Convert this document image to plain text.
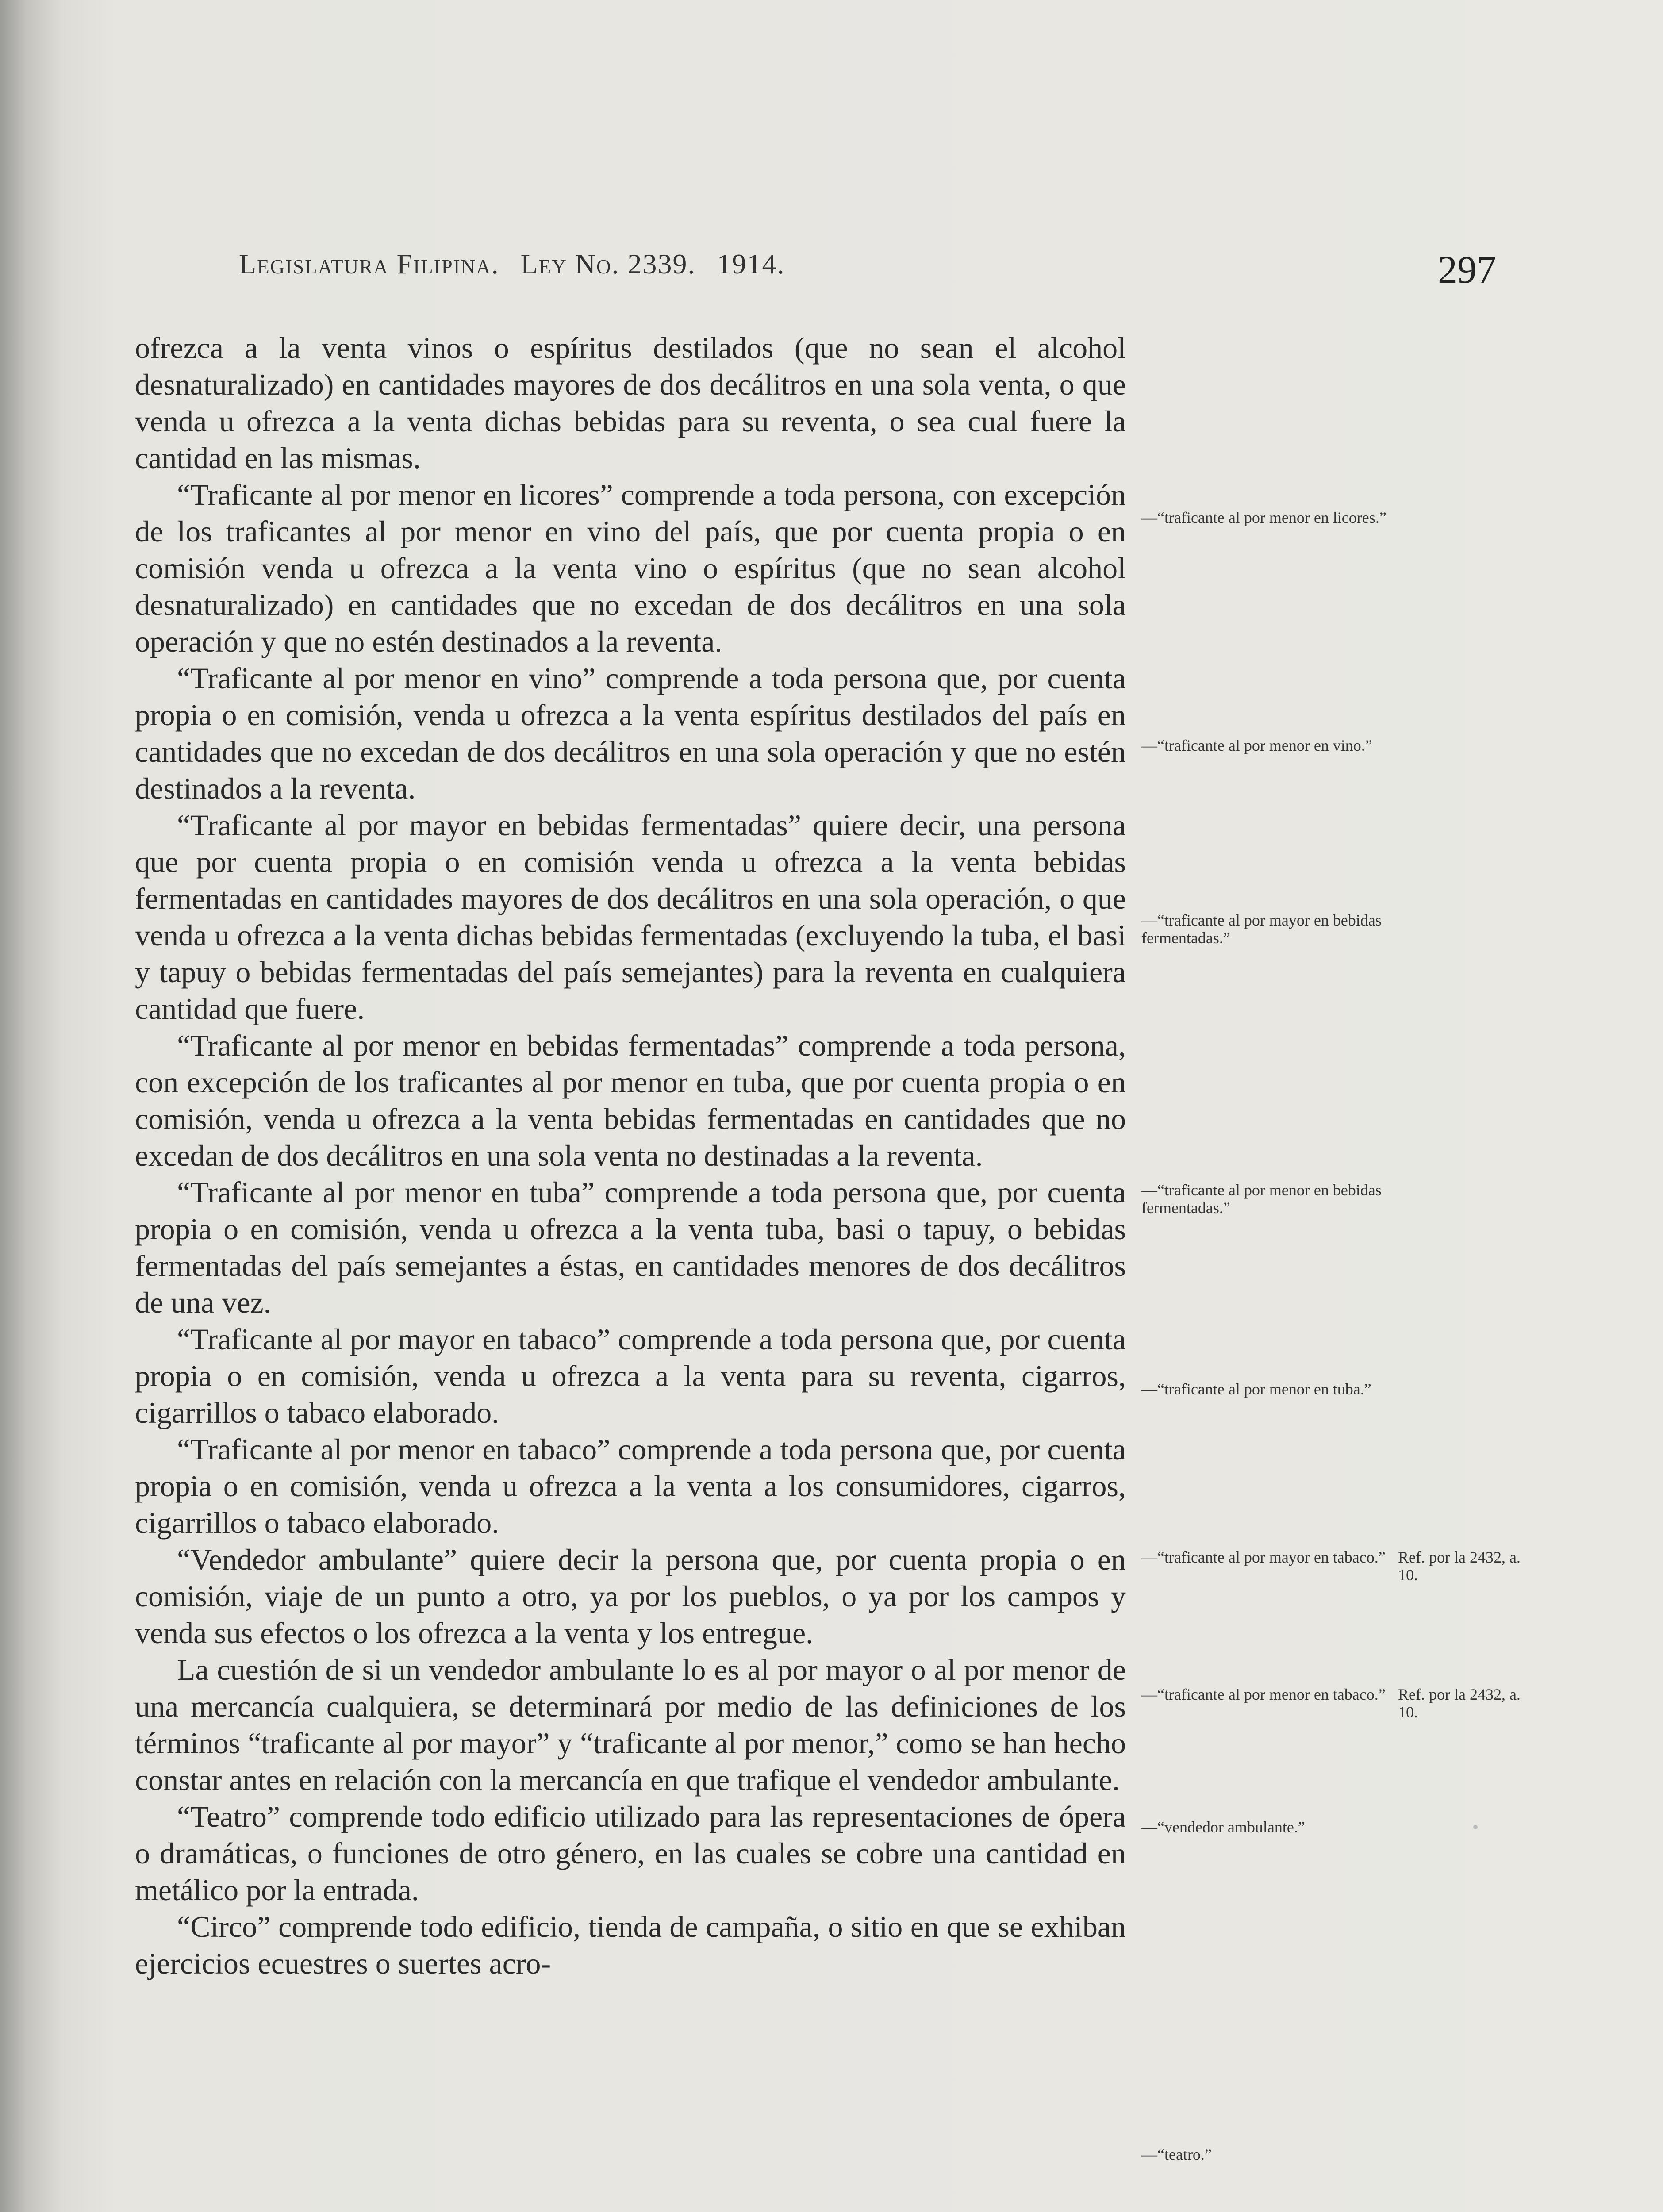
Legislatura Filipina. Ley No. 2339. 1914.	297

ofrezca a la venta vinos o espíritus destilados (que no sean el alcohol desnaturalizado) en cantidades mayores de dos decálitros en una sola venta, o que venda u ofrezca a la venta dichas bebidas para su reventa, o sea cual fuere la cantidad en las mismas.

“Traficante al por menor en licores” comprende a toda persona, con excepción de los traficantes al por menor en vino del país, que por cuenta propia o en comisión venda u ofrezca a la venta vino o espíritus (que no sean alcohol desnaturalizado) en cantidades que no excedan de dos decálitros en una sola operación y que no estén destinados a la reventa.

“Traficante al por menor en vino” comprende a toda persona que, por cuenta propia o en comisión, venda u ofrezca a la venta espíritus destilados del país en cantidades que no excedan de dos decálitros en una sola operación y que no estén destinados a la reventa.

“Traficante al por mayor en bebidas fermentadas” quiere decir, una persona que por cuenta propia o en comisión venda u ofrezca a la venta bebidas fermentadas en cantidades mayores de dos decálitros en una sola operación, o que venda u ofrezca a la venta dichas bebidas fermentadas (excluyendo la tuba, el basi y tapuy o bebidas fermentadas del país semejantes) para la reventa en cualquiera cantidad que fuere.

“Traficante al por menor en bebidas fermentadas” comprende a toda persona, con excepción de los traficantes al por menor en tuba, que por cuenta propia o en comisión, venda u ofrezca a la venta bebidas fermentadas en cantidades que no excedan de dos decálitros en una sola venta no destinadas a la reventa.

“Traficante al por menor en tuba” comprende a toda persona que, por cuenta propia o en comisión, venda u ofrezca a la venta tuba, basi o tapuy, o bebidas fermentadas del país semejantes a éstas, en cantidades menores de dos decálitros de una vez.

“Traficante al por mayor en tabaco” comprende a toda persona que, por cuenta propia o en comisión, venda u ofrezca a la venta para su reventa, cigarros, cigarrillos o tabaco elaborado.

“Traficante al por menor en tabaco” comprende a toda persona que, por cuenta propia o en comisión, venda u ofrezca a la venta a los consumidores, cigarros, cigarrillos o tabaco elaborado.

“Vendedor ambulante” quiere decir la persona que, por cuenta propia o en comisión, viaje de un punto a otro, ya por los pueblos, o ya por los campos y venda sus efectos o los ofrezca a la venta y los entregue.

La cuestión de si un vendedor ambulante lo es al por mayor o al por menor de una mercancía cualquiera, se determinará por medio de las definiciones de los términos “traficante al por mayor” y “traficante al por menor,” como se han hecho constar antes en relación con la mercancía en que trafique el vendedor ambulante.

“Teatro” comprende todo edificio utilizado para las representaciones de ópera o dramáticas, o funciones de otro género, en las cuales se cobre una cantidad en metálico por la entrada.

“Circo” comprende todo edificio, tienda de campaña, o sitio en que se exhiban ejercicios ecuestres o suertes acro-

—“traficante al por menor en licores.”
—“traficante al por menor en vino.”
—“traficante al por mayor en bebidas fermentadas.”
—“traficante al por menor en bebidas fermentadas.”
—“traficante al por menor en tuba.”
—“traficante al por mayor en tabaco.”
—“traficante al por menor en tabaco.”
—“vendedor ambulante.”
—“teatro.”
Ref. por la 2432, a. 10.
Ref. por la 2432, a. 10.
